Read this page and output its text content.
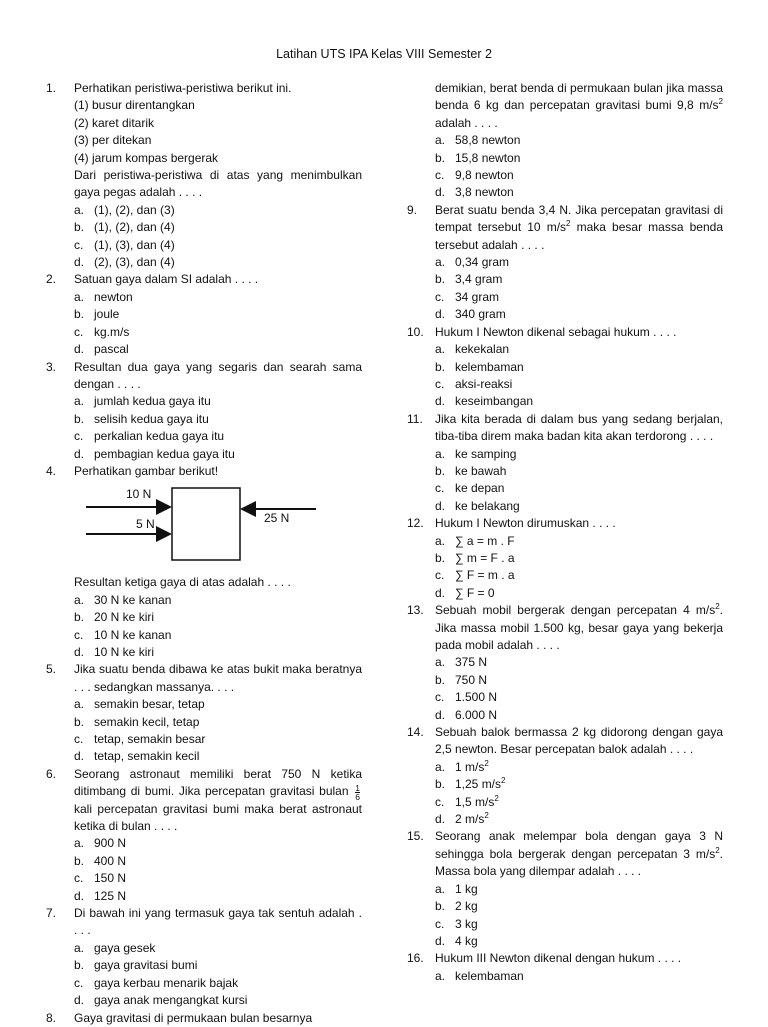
Latihan UTS IPA Kelas VIII Semester 2
1. Perhatikan peristiwa-peristiwa berikut ini.
(1) busur direntangkan
(2) karet ditarik
(3) per ditekan
(4) jarum kompas bergerak

Dari peristiwa-peristiwa di atas yang menimbulkan gaya pegas adalah . . . .

a. (1), (2), dan (3)
b. (1), (2), dan (4)
c. (1), (3), dan (4)
d. (2), (3), dan (4)
2. Satuan gaya dalam SI adalah . . . .

a. newton
b. joule
c. kg.m/s
d. pascal
3. Resultan dua gaya yang segaris dan searah sama dengan . . . .

a. jumlah kedua gaya itu
b. selisih kedua gaya itu
c. perkalian kedua gaya itu
d. pembagian kedua gaya itu
4. Perhatikan gambar berikut!

10 N
5 N	25 N

Resultan ketiga gaya di atas adalah . . . .

a. 30 N ke kanan
b. 20 N ke kiri
c. 10 N ke kanan
d. 10 N ke kiri
5. Jika suatu benda dibawa ke atas bukit maka beratnya . . . sedangkan massanya. . . .

a. semakin besar, tetap
b. semakin kecil, tetap
c. tetap, semakin besar
d. tetap, semakin kecil
6. Seorang astronaut memiliki berat 750 N ketika ditimbang di bumi. Jika percepatan gravitasi bulan $\frac{1}{6}$
kali percepatan gravitasi bumi maka berat astronaut ketika di bulan . . . .

a. 900 N
b. 400 N
c. 150 N
d. 125 N
7. Di bawah ini yang termasuk gaya tak sentuh adalah . . . .

a. gaya gesek
b. gaya gravitasi bumi
c. gaya kerbau menarik bajak
d. gaya anak mengangkat kursi
8. Gaya gravitasi di permukaan bulan besarnya

demikian, berat benda di permukaan bulan jika massa benda 6 kg dan percepatan gravitasi bumi 9,8 $m/s^2$ adalah . . . .

a. 58,8 newton
b. 15,8 newton
c. 9,8 newton
d. 3,8 newton
9. Berat suatu benda 3,4 N. Jika percepatan gravitasi di tempat tersebut 10 $m/s^2$ maka besar massa benda tersebut adalah . . . .

a. 0,34 gram
b. 3,4 gram
c. 34 gram
d. 340 gram
10. Hukum I Newton dikenal sebagai hukum . . . .

a. kekekalan
b. kelembaman
c. aksi-reaksi
d. keseimbangan
11. Jika kita berada di dalam bus yang sedang berjalan, tiba-tiba direm maka badan kita akan terdorong . . . .

a. ke samping
b. ke bawah
c. ke depan
d. ke belakang
12. Hukum I Newton dirumuskan . . . .

a. ∑ a = m . F
b. ∑ m = F . a
c. ∑ F = m . a
d. ∑ F = 0
13. Sebuah mobil bergerak dengan percepatan 4 $m/s^2$. Jika massa mobil 1.500 kg, besar gaya yang bekerja pada mobil adalah . . . .

a. 375 N
b. 750 N
c. 1.500 N
d. 6.000 N
14. Sebuah balok bermassa 2 kg didorong dengan gaya 2,5 newton. Besar percepatan balok adalah . . . .

a. 1 $m/s^2$
b. 1,25 $m/s^2$
c. 1,5 $m/s^2$
d. 2 $m/s^2$
15. Seorang anak melempar bola dengan gaya 3 N sehingga bola bergerak dengan percepatan 3 $m/s^2$. Massa bola yang dilempar adalah . . . .

a. 1 kg
b. 2 kg
c. 3 kg
d. 4 kg
16. Hukum III Newton dikenal dengan hukum . . . .

a. kelembaman
